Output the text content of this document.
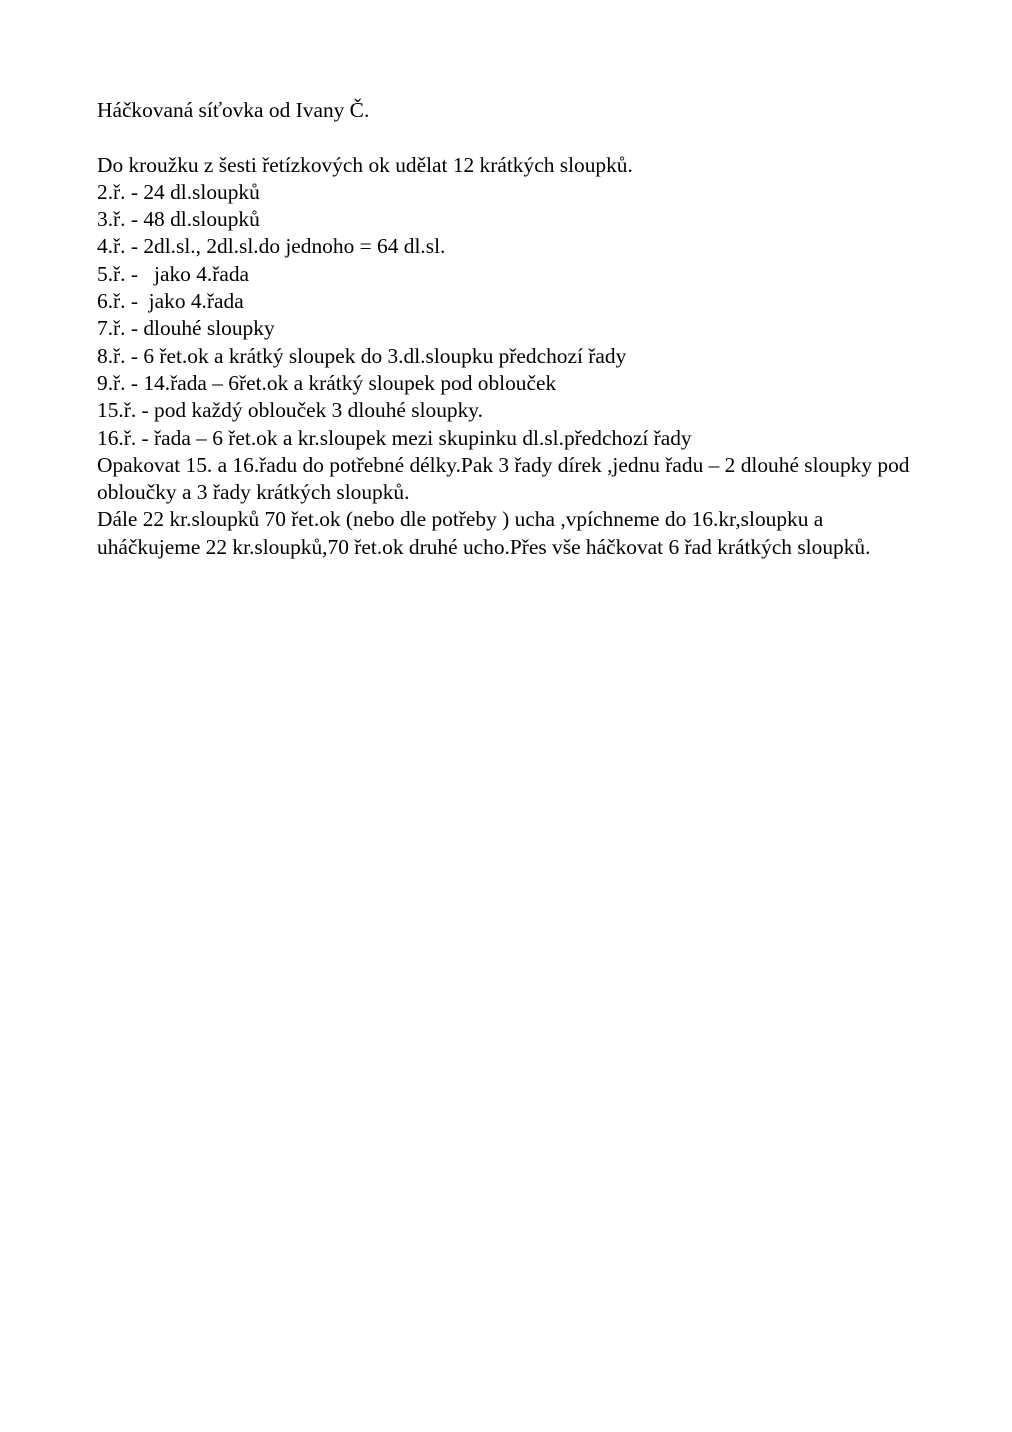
Háčkovaná síťovka od Ivany Č.

Do kroužku z šesti řetízkových ok udělat 12 krátkých sloupků.

2.ř. - 24 dl.sloupků

3.ř. - 48 dl.sloupků

4.ř. - 2dl.sl., 2dl.sl.do jednoho = 64 dl.sl.

5.ř. -   jako 4.řada

6.ř. -  jako 4.řada

7.ř. - dlouhé sloupky

8.ř. - 6 řet.ok a krátký sloupek do 3.dl.sloupku předchozí řady

9.ř. - 14.řada – 6řet.ok a krátký sloupek pod oblouček

15.ř. - pod každý oblouček 3 dlouhé sloupky.

16.ř. - řada – 6 řet.ok a kr.sloupek mezi skupinku dl.sl.předchozí řady

Opakovat 15. a 16.řadu do potřebné délky.Pak 3 řady dírek ,jednu řadu – 2 dlouhé sloupky pod obloučky a 3 řady krátkých sloupků.

Dále 22 kr.sloupků 70 řet.ok (nebo dle potřeby ) ucha ,vpíchneme do 16.kr,sloupku a uháčkujeme 22 kr.sloupků,70 řet.ok druhé ucho.Přes vše háčkovat 6 řad krátkých sloupků.
